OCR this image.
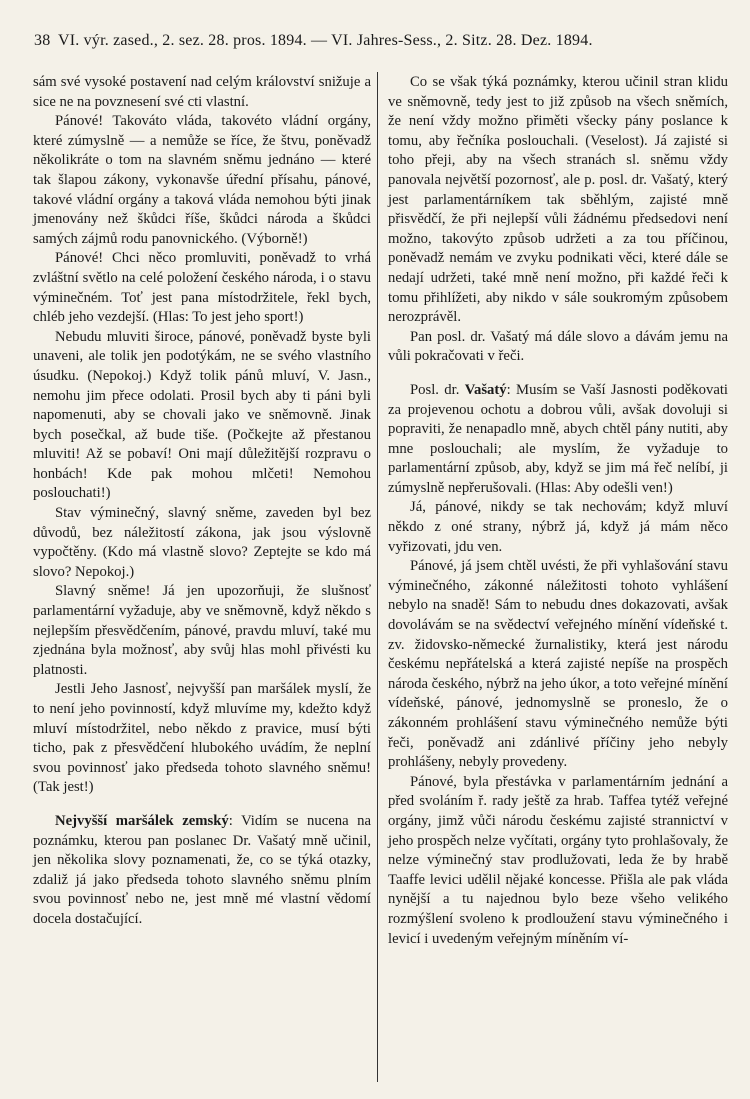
38 VI. výr. zased., 2. sez. 28. pros. 1894. — VI. Jahres-Sess., 2. Sitz. 28. Dez. 1894.

sám své vysoké postavení nad celým království snižuje a sice ne na povznesení své cti vlastní.

Pánové! Takováto vláda, takovéto vládní orgány, které zúmyslně — a nemůže se říce, že štvu, poněvadž několikráte o tom na slavném sněmu jednáno — které tak šlapou zákony, vykonavše úřední přísahu, pánové, takové vládní orgány a taková vláda nemohou býti jinak jmenovány než škůdci říše, škůdci národa a škůdci samých zájmů rodu panovnického. (Výborně!)

Pánové! Chci něco promluviti, poněvadž to vrhá zvláštní světlo na celé položení českého národa, i o stavu výminečném. Toť jest pana místodržitele, řekl bych, chléb jeho vezdejší. (Hlas: To jest jeho sport!)

Nebudu mluviti široce, pánové, poněvadž byste byli unaveni, ale tolik jen podotýkám, ne se svého vlastního úsudku. (Nepokoj.) Když tolik pánů mluví, V. Jasn., nemohu jim přece odolati. Prosil bych aby ti páni byli napomenuti, aby se chovali jako ve sněmovně. Jinak bych posečkal, až bude tiše. (Počkejte až přestanou mluviti! Až se pobaví! Oni mají důležitější rozpravu o honbách! Kde pak mohou mlčeti! Nemohou poslouchati!)

Stav výminečný, slavný sněme, zaveden byl bez důvodů, bez náležitostí zákona, jak jsou výslovně vypočtěny. (Kdo má vlastně slovo? Zeptejte se kdo má slovo? Nepokoj.)

Slavný sněme! Já jen upozorňuji, že slušnosť parlamentární vyžaduje, aby ve sněmovně, když někdo s nejlepším přesvědčením, pánové, pravdu mluví, také mu zjednána byla možnosť, aby svůj hlas mohl přivésti ku platnosti.

Jestli Jeho Jasnosť, nejvyšší pan maršálek myslí, že to není jeho povinností, když mluvíme my, kdežto když mluví místodržitel, nebo někdo z pravice, musí býti ticho, pak z přesvědčení hlubokého uvádím, že neplní svou povinnosť jako předseda tohoto slavného sněmu! (Tak jest!)

Nejvyšší maršálek zemský: Vidím se nucena na poznámku, kterou pan poslanec Dr. Vašatý mně učinil, jen několika slovy poznamenati, že, co se týká otazky, zdaliž já jako předseda tohoto slavného sněmu plním svou povinnosť nebo ne, jest mně mé vlastní vědomí docela dostačující.

Co se však týká poznámky, kterou učinil stran klidu ve sněmovně, tedy jest to již způsob na všech sněmích, že není vždy možno přiměti všecky pány poslance k tomu, aby řečníka poslouchali. (Veselost). Já zajisté si toho přeji, aby na všech stranách sl. sněmu vždy panovala největší pozornosť, ale p. posl. dr. Vašatý, který jest parlamentárníkem tak sběhlým, zajisté mně přisvědčí, že při nejlepší vůli žádnému předsedovi není možno, takovýto způsob udržeti a za tou příčinou, poněvadž nemám ve zvyku podnikati věci, které dále se nedají udržeti, také mně není možno, při každé řeči k tomu přihlížeti, aby nikdo v sále soukromým způsobem nerozprávěl.

Pan posl. dr. Vašatý má dále slovo a dávám jemu na vůli pokračovati v řeči.

Posl. dr. Vašatý: Musím se Vaší Jasnosti poděkovati za projevenou ochotu a dobrou vůli, avšak dovoluji si popraviti, že nenapadlo mně, abych chtěl pány nutiti, aby mne poslouchali; ale myslím, že vyžaduje to parlamentární způsob, aby, když se jim má řeč nelíbí, ji zúmyslně nepřerušovali. (Hlas: Aby odešli ven!)

Já, pánové, nikdy se tak nechovám; když mluví někdo z oné strany, nýbrž já, když já mám něco vyřizovati, jdu ven.

Pánové, já jsem chtěl uvésti, že při vyhlašování stavu výminečného, zákonné náležitosti tohoto vyhlášení nebylo na snadě! Sám to nebudu dnes dokazovati, avšak dovolávám se na svědectví veřejného mínění vídeňské t. zv. židovsko-německé žurnalistiky, která jest národu českému nepřátelská a která zajisté nepíše na prospěch národa českého, nýbrž na jeho úkor, a toto veřejné mínění vídeňské, pánové, jednomyslně se proneslo, že o zákonném prohlášení stavu výminečného nemůže býti řeči, poněvadž ani zdánlivé příčiny jeho nebyly prohlášeny, nebyly provedeny.

Pánové, byla přestávka v parlamentárním jednání a před svoláním ř. rady ještě za hrab. Taffea tytéž veřejné orgány, jimž vůči národu českému zajisté strannictví v jeho prospěch nelze vyčítati, orgány tyto prohlašovaly, že nelze výminečný stav prodlužovati, leda že by hrabě Taaffe levici udělil nějaké koncesse. Přišla ale pak vláda nynější a tu najednou bylo beze všeho velikého rozmýšlení svoleno k prodloužení stavu výminečného i levicí i uvedeným veřejným míněním ví-
